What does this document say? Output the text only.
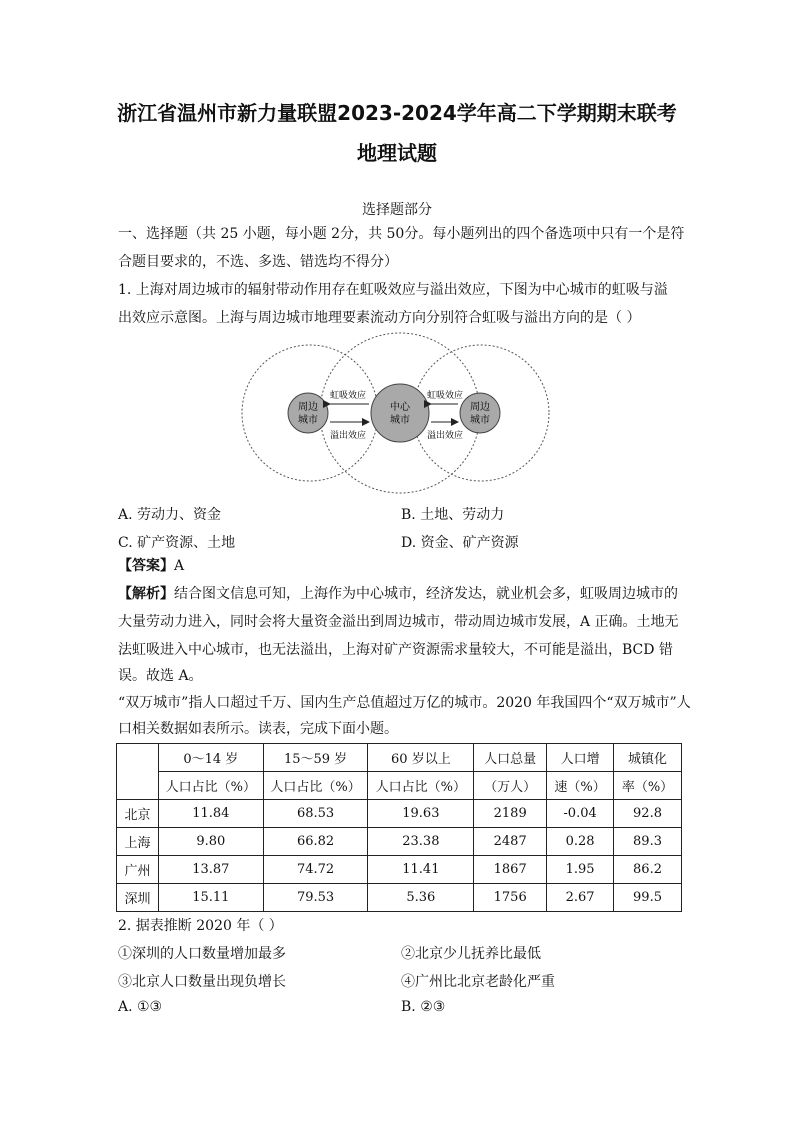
浙江省温州市新力量联盟2023-2024学年高二下学期期末联考
地理试题
选择题部分
一、选择题（共 25 小题，每小题 2分，共 50分。每小题列出的四个备选项中只有一个是符
合题目要求的，不选、多选、错选均不得分）
1. 上海对周边城市的辐射带动作用存在虹吸效应与溢出效应，下图为中心城市的虹吸与溢
出效应示意图。上海与周边城市地理要素流动方向分别符合虹吸与溢出方向的是（ ）
周边
城市
中心
城市
周边
城市
虹吸效应
溢出效应
虹吸效应
溢出效应
A. 劳动力、资金	B. 土地、劳动力
C. 矿产资源、土地	D. 资金、矿产资源
【答案】A
【解析】结合图文信息可知，上海作为中心城市，经济发达，就业机会多，虹吸周边城市的
大量劳动力进入，同时会将大量资金溢出到周边城市，带动周边城市发展，A 正确。土地无
法虹吸进入中心城市，也无法溢出，上海对矿产资源需求量较大，不可能是溢出，BCD 错
误。故选 A。
“双万城市”指人口超过千万、国内生产总值超过万亿的城市。2020 年我国四个“双万城市”人
口相关数据如表所示。读表，完成下面小题。
	0～14 岁	15～59 岁	60 岁以上	人口总量	人口增	城镇化
	人口占比（%）	人口占比（%）	人口占比（%）	（万人）	速（%）	率（%）
北京	11.84	68.53	19.63	2189	-0.04	92.8
上海	9.80	66.82	23.38	2487	0.28	89.3
广州	13.87	74.72	11.41	1867	1.95	86.2
深圳	15.11	79.53	5.36	1756	2.67	99.5
2. 据表推断 2020 年（ ）
①深圳的人口数量增加最多	②北京少儿抚养比最低
③北京人口数量出现负增长	④广州比北京老龄化严重
A. ①③	B. ②③
